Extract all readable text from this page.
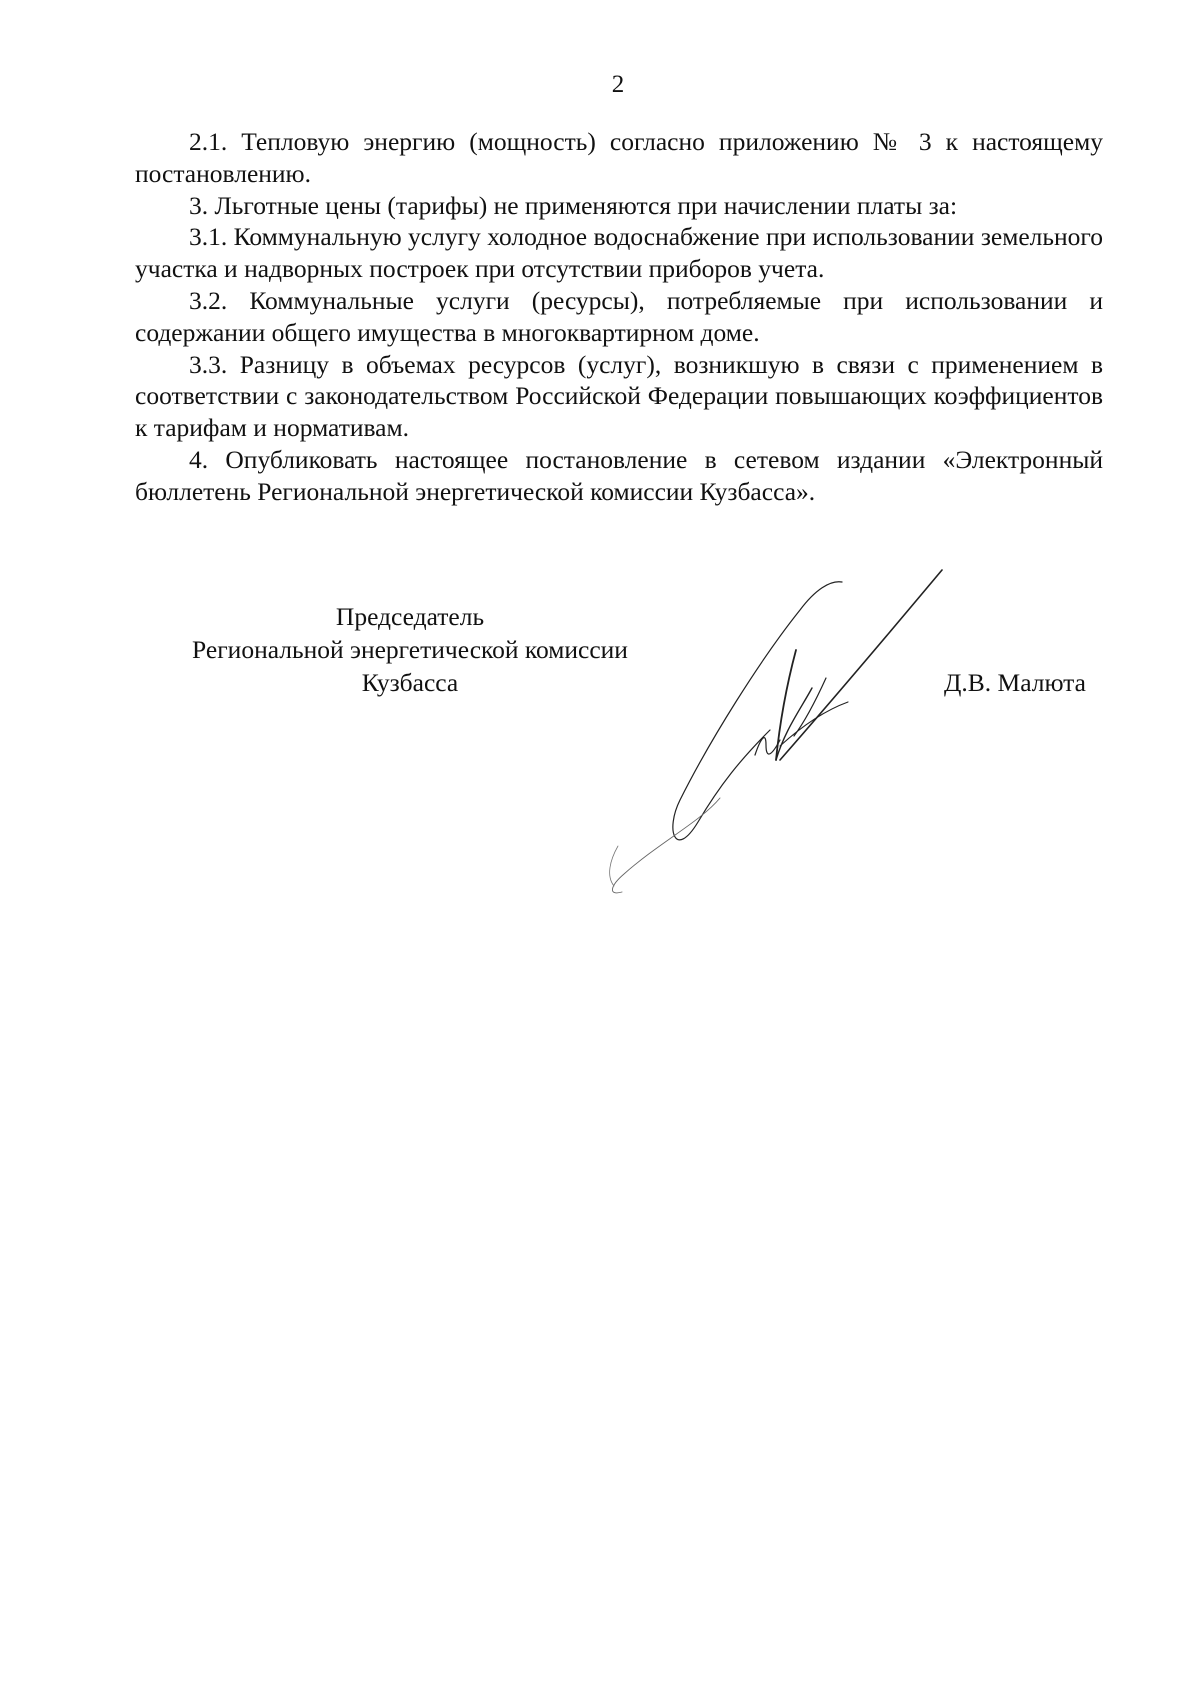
2

2.1. Тепловую энергию (мощность) согласно приложению № 3 к настоящему постановлению.

3. Льготные цены (тарифы) не применяются при начислении платы за:

3.1. Коммунальную услугу холодное водоснабжение при использовании земельного участка и надворных построек при отсутствии приборов учета.

3.2. Коммунальные услуги (ресурсы), потребляемые при использовании и содержании общего имущества в многоквартирном доме.

3.3. Разницу в объемах ресурсов (услуг), возникшую в связи с применением в соответствии с законодательством Российской Федерации повышающих коэффициентов к тарифам и нормативам.

4. Опубликовать настоящее постановление в сетевом издании «Электронный бюллетень Региональной энергетической комиссии Кузбасса».

Председатель
Региональной энергетической комиссии
Кузбасса	Д.В. Малюта
